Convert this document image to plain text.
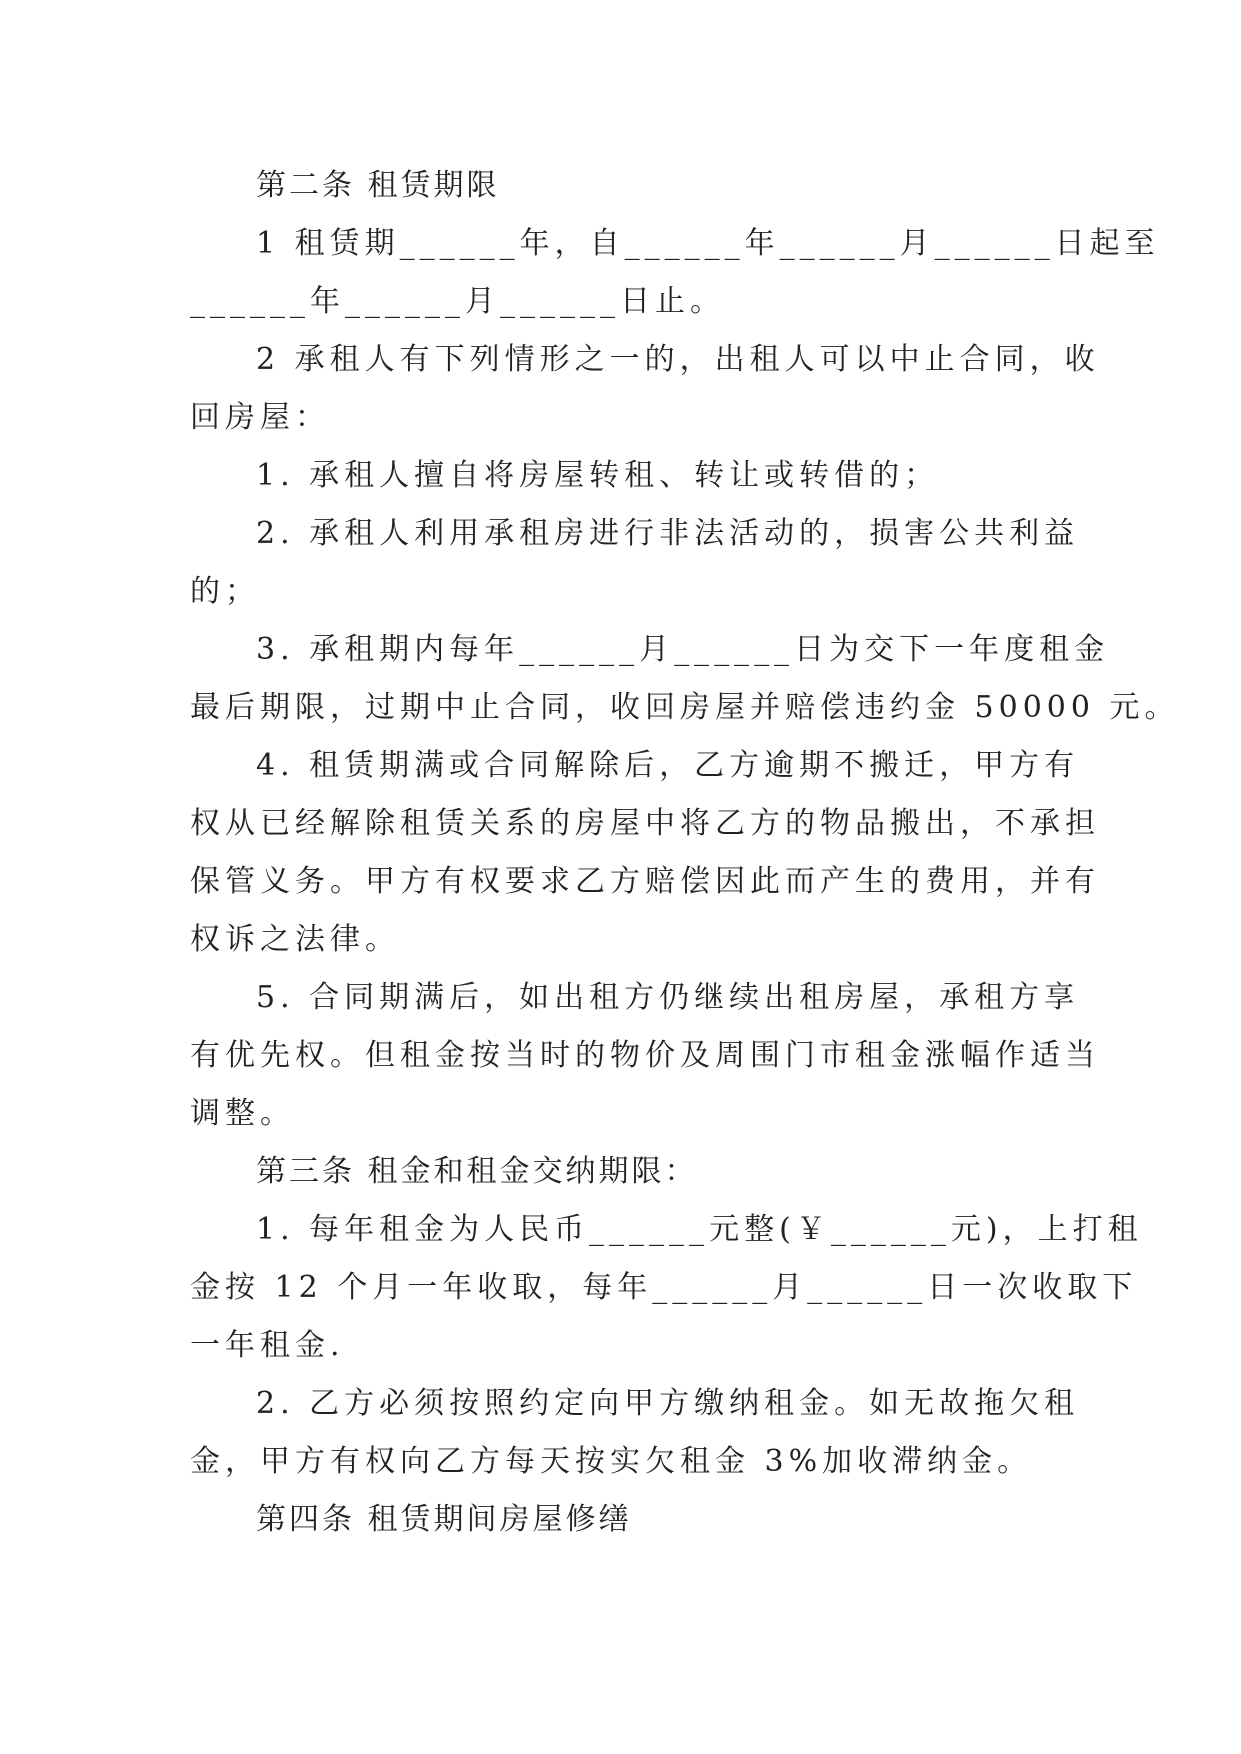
第二条 租赁期限

1 租赁期______年，自______年______月______日起至

______年______月______日止。

2 承租人有下列情形之一的，出租人可以中止合同，收

回房屋：

1. 承租人擅自将房屋转租、转让或转借的；

2. 承租人利用承租房进行非法活动的，损害公共利益

的；

3. 承租期内每年______月______日为交下一年度租金

最后期限，过期中止合同，收回房屋并赔偿违约金 50000 元。

4. 租赁期满或合同解除后，乙方逾期不搬迁，甲方有

权从已经解除租赁关系的房屋中将乙方的物品搬出，不承担

保管义务。甲方有权要求乙方赔偿因此而产生的费用，并有

权诉之法律。

5. 合同期满后，如出租方仍继续出租房屋，承租方享

有优先权。但租金按当时的物价及周围门市租金涨幅作适当

调整。

第三条 租金和租金交纳期限：

1. 每年租金为人民币______元整(￥______元)，上打租

金按 12 个月一年收取，每年______月______日一次收取下

一年租金.

2. 乙方必须按照约定向甲方缴纳租金。如无故拖欠租

金，甲方有权向乙方每天按实欠租金 3%加收滞纳金。

第四条 租赁期间房屋修缮
